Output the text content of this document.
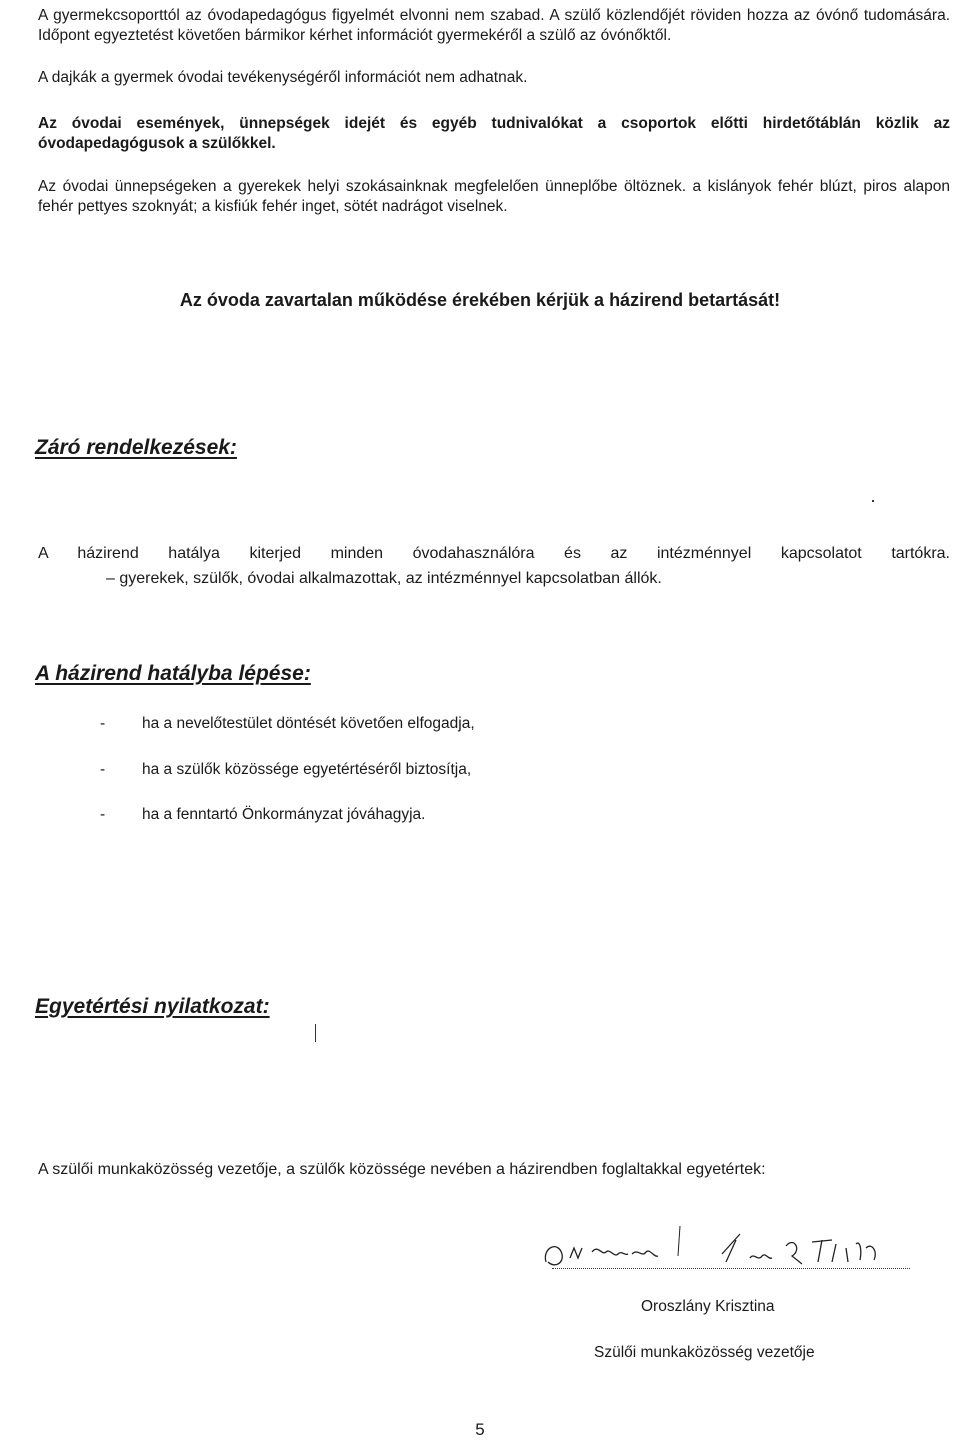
A gyermekcsoporttól az óvodapedagógus figyelmét elvonni nem szabad. A szülő közlendőjét röviden hozza az óvónő tudomására. Időpont egyeztetést követően bármikor kérhet információt gyermekéről a szülő az óvónőktől.
A dajkák a gyermek óvodai tevékenységéről információt nem adhatnak.
Az óvodai események, ünnepségek idejét és egyéb tudnivalókat a csoportok előtti hirdetőtáblán közlik az óvodapedagógusok a szülőkkel.
Az óvodai ünnepségeken a gyerekek helyi szokásainknak megfelelően ünneplőbe öltöznek. a kislányok fehér blúzt, piros alapon fehér pettyes szoknyát; a kisfiúk fehér inget, sötét nadrágot viselnek.
Az óvoda zavartalan működése érekében kérjük a házirend betartását!
Záró rendelkezések:
A házirend hatálya kiterjed minden óvodahasználóra és az intézménnyel kapcsolatot tartókra.
– gyerekek, szülők, óvodai alkalmazottak, az intézménnyel kapcsolatban állók.
A házirend hatályba lépése:
- ha a nevelőtestület döntését követően elfogadja,
- ha a szülők közössége egyetértéséről biztosítja,
- ha a fenntartó Önkormányzat jóváhagyja.
Egyetértési nyilatkozat:
A szülői munkaközösség vezetője, a szülők közössége nevében a házirendben foglaltakkal egyetértek:
Oroszlány Krisztina
Szülői munkaközösség vezetője
5
